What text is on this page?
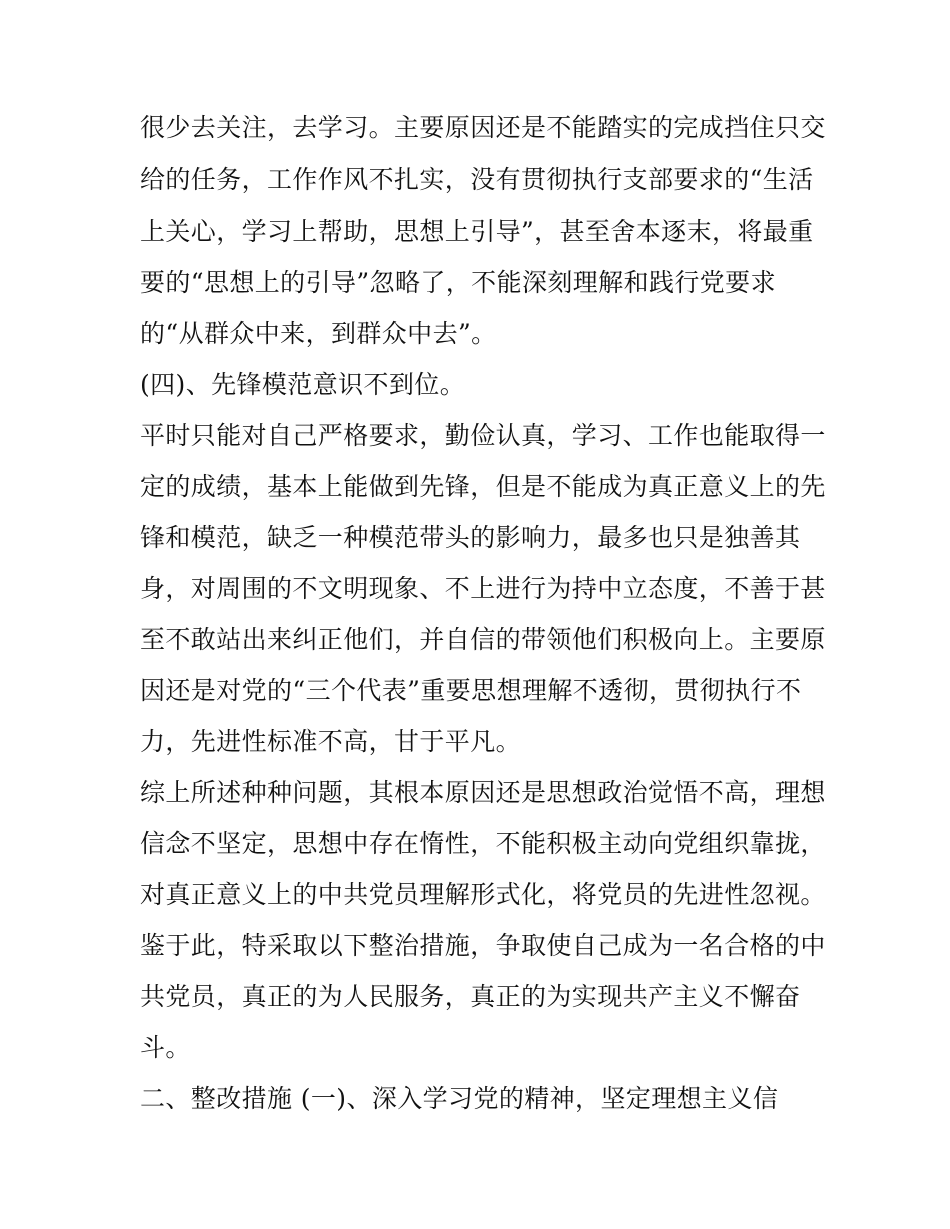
很少去关注，去学习。主要原因还是不能踏实的完成挡住只交

给的任务，工作作风不扎实，没有贯彻执行支部要求的“生活

上关心，学习上帮助，思想上引导”，甚至舍本逐末，将最重

要的“思想上的引导”忽略了，不能深刻理解和践行党要求

的“从群众中来，到群众中去”。

(四)、先锋模范意识不到位。

平时只能对自己严格要求，勤俭认真，学习、工作也能取得一

定的成绩，基本上能做到先锋，但是不能成为真正意义上的先

锋和模范，缺乏一种模范带头的影响力，最多也只是独善其

身，对周围的不文明现象、不上进行为持中立态度，不善于甚

至不敢站出来纠正他们，并自信的带领他们积极向上。主要原

因还是对党的“三个代表”重要思想理解不透彻，贯彻执行不

力，先进性标准不高，甘于平凡。

综上所述种种问题，其根本原因还是思想政治觉悟不高，理想

信念不坚定，思想中存在惰性，不能积极主动向党组织靠拢，

对真正意义上的中共党员理解形式化，将党员的先进性忽视。

鉴于此，特采取以下整治措施，争取使自己成为一名合格的中

共党员，真正的为人民服务，真正的为实现共产主义不懈奋

斗。

二、整改措施 (一)、深入学习党的精神，坚定理想主义信
